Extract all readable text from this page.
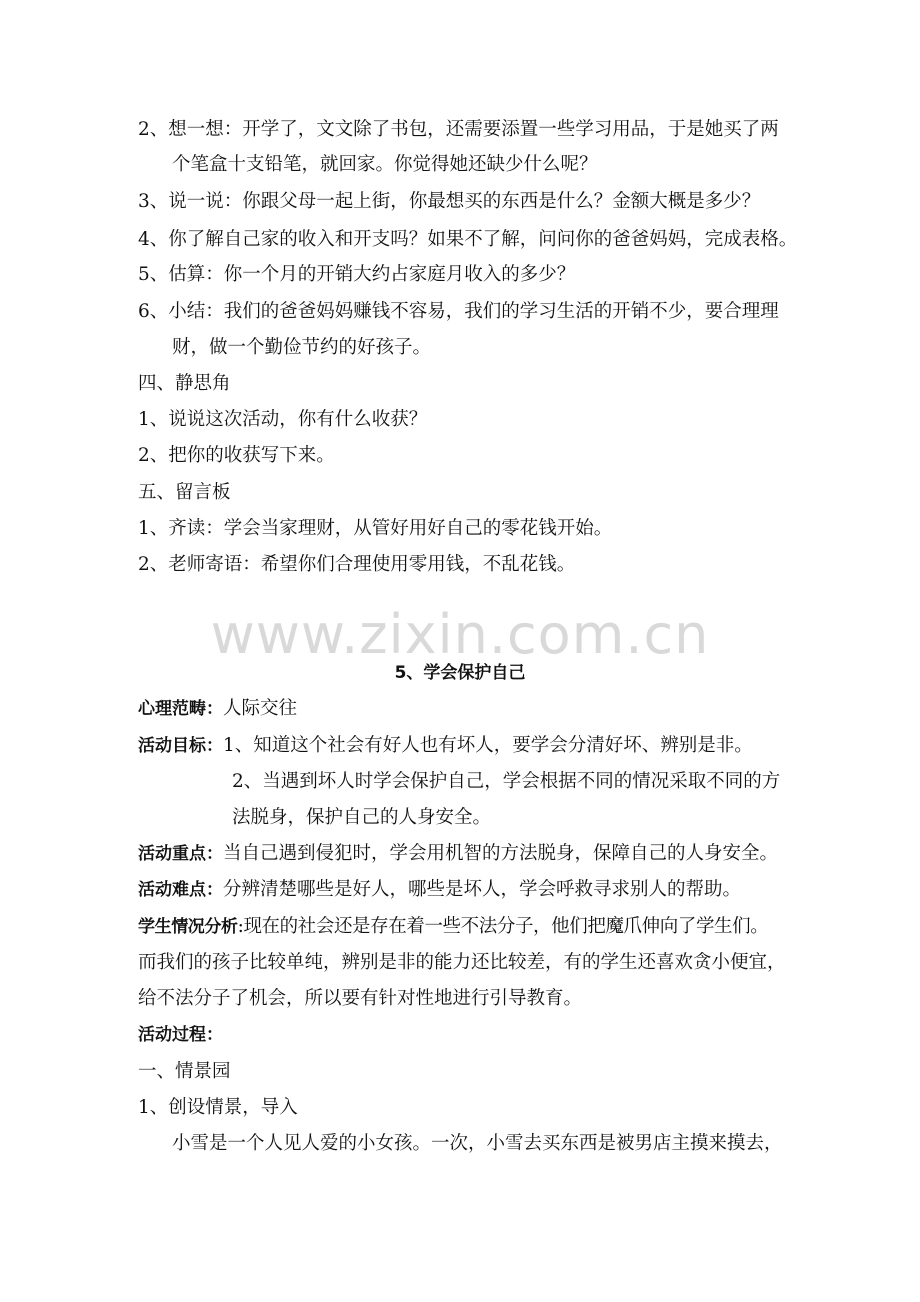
www.zixin.com.cn
2、想一想：开学了，文文除了书包，还需要添置一些学习用品，于是她买了两
个笔盒十支铅笔，就回家。你觉得她还缺少什么呢？
3、说一说：你跟父母一起上街，你最想买的东西是什么？金额大概是多少？
4、你了解自己家的收入和开支吗？如果不了解，问问你的爸爸妈妈，完成表格。
5、估算：你一个月的开销大约占家庭月收入的多少？
6、小结：我们的爸爸妈妈赚钱不容易，我们的学习生活的开销不少，要合理理
财，做一个勤俭节约的好孩子。
四、静思角
1、说说这次活动，你有什么收获？
2、把你的收获写下来。
五、留言板
1、齐读：学会当家理财，从管好用好自己的零花钱开始。
2、老师寄语：希望你们合理使用零用钱，不乱花钱。
5、学会保护自己
心理范畴：人际交往
活动目标：1、知道这个社会有好人也有坏人，要学会分清好坏、辨别是非。
2、当遇到坏人时学会保护自己，学会根据不同的情况采取不同的方
法脱身，保护自己的人身安全。
活动重点：当自己遇到侵犯时，学会用机智的方法脱身，保障自己的人身安全。
活动难点：分辨清楚哪些是好人，哪些是坏人，学会呼救寻求别人的帮助。
学生情况分析:现在的社会还是存在着一些不法分子，他们把魔爪伸向了学生们。
而我们的孩子比较单纯，辨别是非的能力还比较差，有的学生还喜欢贪小便宜，
给不法分子了机会，所以要有针对性地进行引导教育。
活动过程：
一、情景园
1、创设情景，导入
小雪是一个人见人爱的小女孩。一次，小雪去买东西是被男店主摸来摸去，
